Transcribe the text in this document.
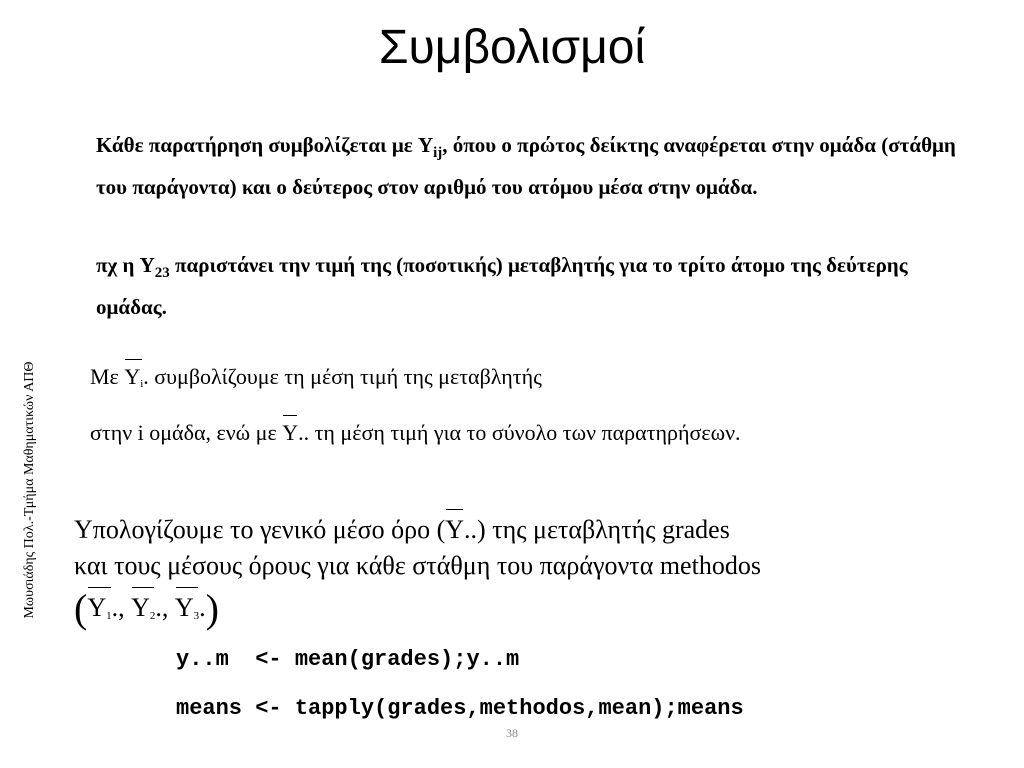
Συμβολισμοί
Κάθε παρατήρηση συμβολίζεται με $Y_{ij}$, όπου ο πρώτος δείκτης αναφέρεται στην ομάδα (στάθμη του παράγοντα) και ο δεύτερος στον αριθμό του ατόμου μέσα στην ομάδα.
πχ η $Y_{23}$ παριστάνει την τιμή της (ποσοτικής) μεταβλητής για το τρίτο άτομο της δεύτερης ομάδας.
Με $Y_i$. συμβολίζουμε τη μέση τιμή της μεταβλητής
στην i ομάδα, ενώ με Y.. τη μέση τιμή για το σύνολο των παρατηρήσεων.
Υπολογίζουμε το γενικό μέσο όρο (Y..) της μεταβλητής grades
και τους μέσους όρους για κάθε στάθμη του παράγοντα methodos
($Y_1$., $Y_2$., $Y_3$.)
y..m  <- mean(grades);y..m
means <- tapply(grades,methodos,mean);means
Μωυσιάδης Πολ.-Τμήμα Μαθηματικών ΑΠΘ
38
